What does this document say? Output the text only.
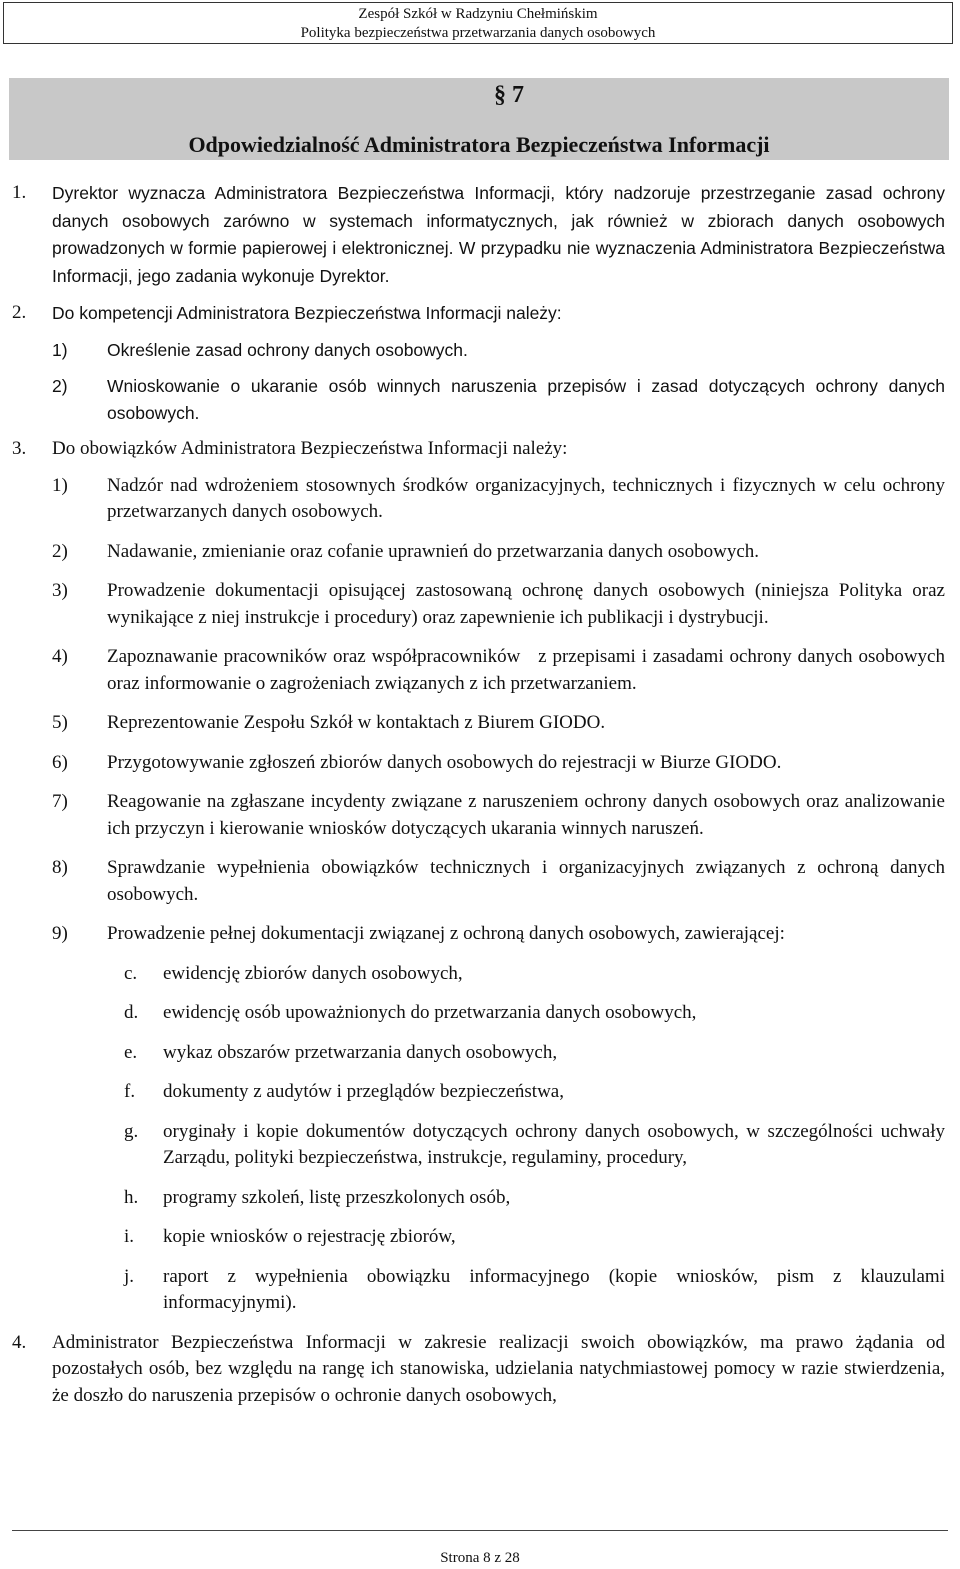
Zespół Szkół w Radzyniu Chełmińskim
Polityka bezpieczeństwa przetwarzania danych osobowych
§ 7
Odpowiedzialność Administratora Bezpieczeństwa Informacji
1. Dyrektor wyznacza Administratora Bezpieczeństwa Informacji, który nadzoruje przestrzeganie zasad ochrony danych osobowych zarówno w systemach informatycznych, jak również w zbiorach danych osobowych prowadzonych w formie papierowej i elektronicznej. W przypadku nie wyznaczenia Administratora Bezpieczeństwa Informacji, jego zadania wykonuje Dyrektor.
2. Do kompetencji Administratora Bezpieczeństwa Informacji należy:
1) Określenie zasad ochrony danych osobowych.
2) Wnioskowanie o ukaranie osób winnych naruszenia przepisów i zasad dotyczących ochrony danych osobowych.
3. Do obowiązków Administratora Bezpieczeństwa Informacji należy:
1) Nadzór nad wdrożeniem stosownych środków organizacyjnych, technicznych i fizycznych w celu ochrony przetwarzanych danych osobowych.
2) Nadawanie, zmienianie oraz cofanie uprawnień do przetwarzania danych osobowych.
3) Prowadzenie dokumentacji opisującej zastosowaną ochronę danych osobowych (niniejsza Polityka oraz wynikające z niej instrukcje i procedury) oraz zapewnienie ich publikacji i dystrybucji.
4) Zapoznawanie pracowników oraz współpracowników   z przepisami i zasadami ochrony danych osobowych oraz informowanie o zagrożeniach związanych z ich przetwarzaniem.
5) Reprezentowanie Zespołu Szkół w kontaktach z Biurem GIODO.
6) Przygotowywanie zgłoszeń zbiorów danych osobowych do rejestracji w Biurze GIODO.
7) Reagowanie na zgłaszane incydenty związane z naruszeniem ochrony danych osobowych oraz analizowanie ich przyczyn i kierowanie wniosków dotyczących ukarania winnych naruszeń.
8) Sprawdzanie wypełnienia obowiązków technicznych i organizacyjnych związanych z ochroną danych osobowych.
9) Prowadzenie pełnej dokumentacji związanej z ochroną danych osobowych, zawierającej:
c. ewidencję zbiorów danych osobowych,
d. ewidencję osób upoważnionych do przetwarzania danych osobowych,
e. wykaz obszarów przetwarzania danych osobowych,
f. dokumenty z audytów i przeglądów bezpieczeństwa,
g. oryginały i kopie dokumentów dotyczących ochrony danych osobowych, w szczególności uchwały Zarządu, polityki bezpieczeństwa, instrukcje, regulaminy, procedury,
h. programy szkoleń, listę przeszkolonych osób,
i. kopie wniosków o rejestrację zbiorów,
j. raport z wypełnienia obowiązku informacyjnego (kopie wniosków, pism z klauzulami informacyjnymi).
4. Administrator Bezpieczeństwa Informacji w zakresie realizacji swoich obowiązków, ma prawo żądania od pozostałych osób, bez względu na rangę ich stanowiska, udzielania natychmiastowej pomocy w razie stwierdzenia, że doszło do naruszenia przepisów o ochronie danych osobowych,
Strona 8 z 28
